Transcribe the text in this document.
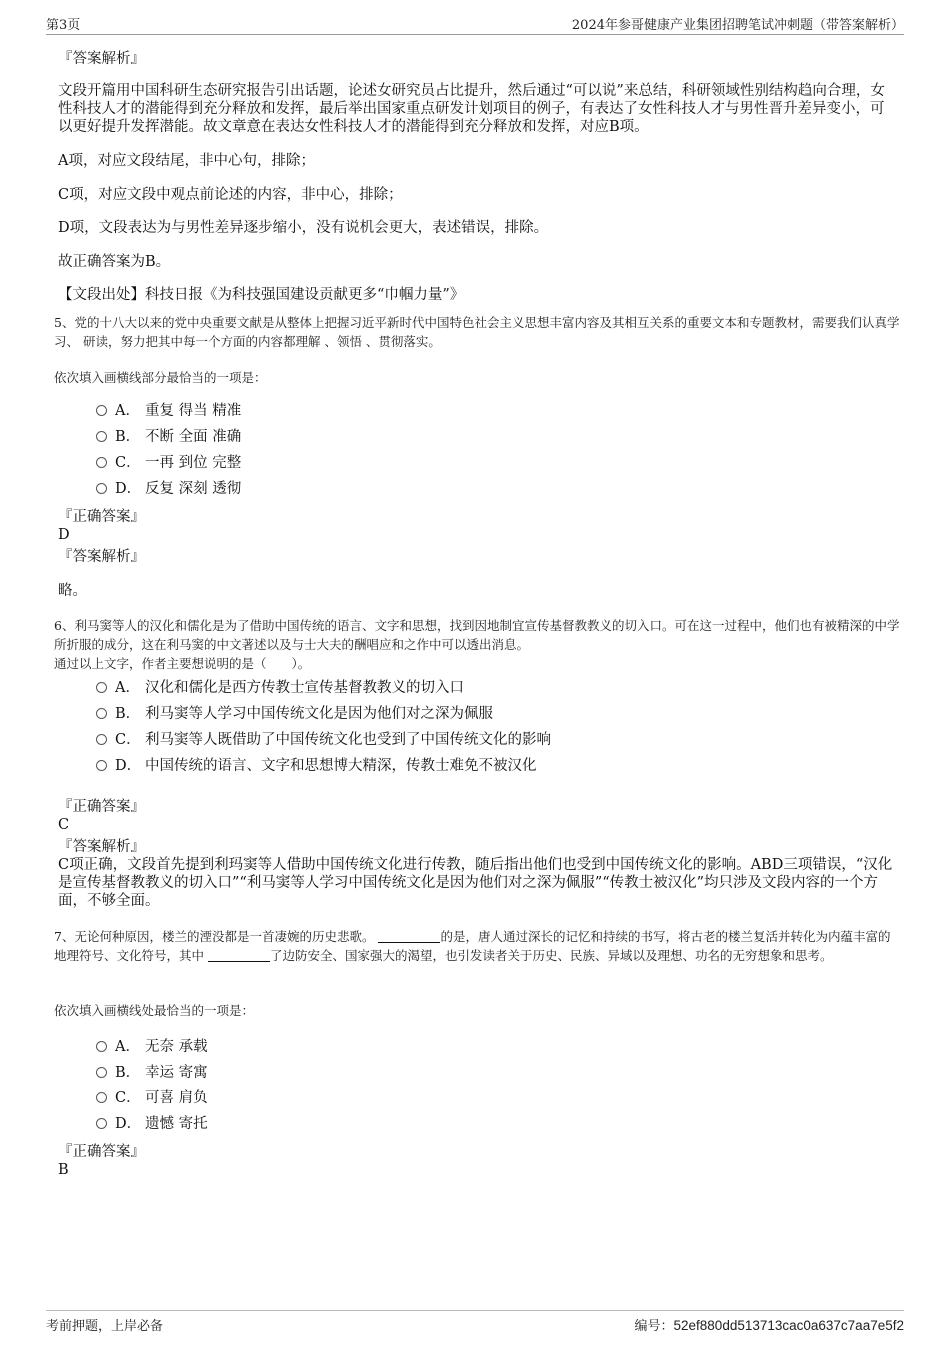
第3页	2024年参哥健康产业集团招聘笔试冲刺题（带答案解析）
『答案解析』
文段开篇用中国科研生态研究报告引出话题，论述女研究员占比提升，然后通过“可以说”来总结，科研领域性别结构趋向合理，女性科技人才的潜能得到充分释放和发挥，最后举出国家重点研发计划项目的例子，有表达了女性科技人才与男性晋升差异变小，可以更好提升发挥潜能。故文章意在表达女性科技人才的潜能得到充分释放和发挥，对应B项。
A项，对应文段结尾，非中心句，排除；
C项，对应文段中观点前论述的内容，非中心，排除；
D项，文段表达为与男性差异逐步缩小，没有说机会更大，表述错误，排除。
故正确答案为B。
【文段出处】科技日报《为科技强国建设贡献更多“巾帼力量”》
5、党的十八大以来的党中央重要文献是从整体上把握习近平新时代中国特色社会主义思想丰富内容及其相互关系的重要文本和专题教材，需要我们认真学习、 研读，努力把其中每一个方面的内容都理解 、领悟 、贯彻落实。
依次填入画横线部分最恰当的一项是：
A． 重复 得当 精准
B． 不断 全面 准确
C． 一再 到位 完整
D． 反复 深刻 透彻
『正确答案』
D
『答案解析』
略。
6、利马窦等人的汉化和儒化是为了借助中国传统的语言、文字和思想，找到因地制宜宣传基督教教义的切入口。可在这一过程中，他们也有被精深的中学所折服的成分，这在利马窦的中文著述以及与士大夫的酬唱应和之作中可以透出消息。
通过以上文字，作者主要想说明的是（　　）。
A． 汉化和儒化是西方传教士宣传基督教教义的切入口
B． 利马窦等人学习中国传统文化是因为他们对之深为佩服
C． 利马窦等人既借助了中国传统文化也受到了中国传统文化的影响
D． 中国传统的语言、文字和思想博大精深，传教士难免不被汉化
『正确答案』
C
『答案解析』
C项正确，文段首先提到利玛窦等人借助中国传统文化进行传教，随后指出他们也受到中国传统文化的影响。ABD三项错误，“汉化是宣传基督教教义的切入口”“利马窦等人学习中国传统文化是因为他们对之深为佩服”“传教士被汉化”均只涉及文段内容的一个方面，不够全面。
7、无论何种原因，楼兰的湮没都是一首凄婉的历史悲歌。	的是，唐人通过深长的记忆和持续的书写，将古老的楼兰复活并转化为内蕴丰富的地理符号、文化符号，其中	了边防安全、国家强大的渴望，也引发读者关于历史、民族、异域以及理想、功名的无穷想象和思考。
依次填入画横线处最恰当的一项是：
A． 无奈 承载
B． 幸运 寄寓
C． 可喜 肩负
D． 遗憾 寄托
『正确答案』
B
考前押题，上岸必备	编号：52ef880dd513713cac0a637c7aa7e5f2
